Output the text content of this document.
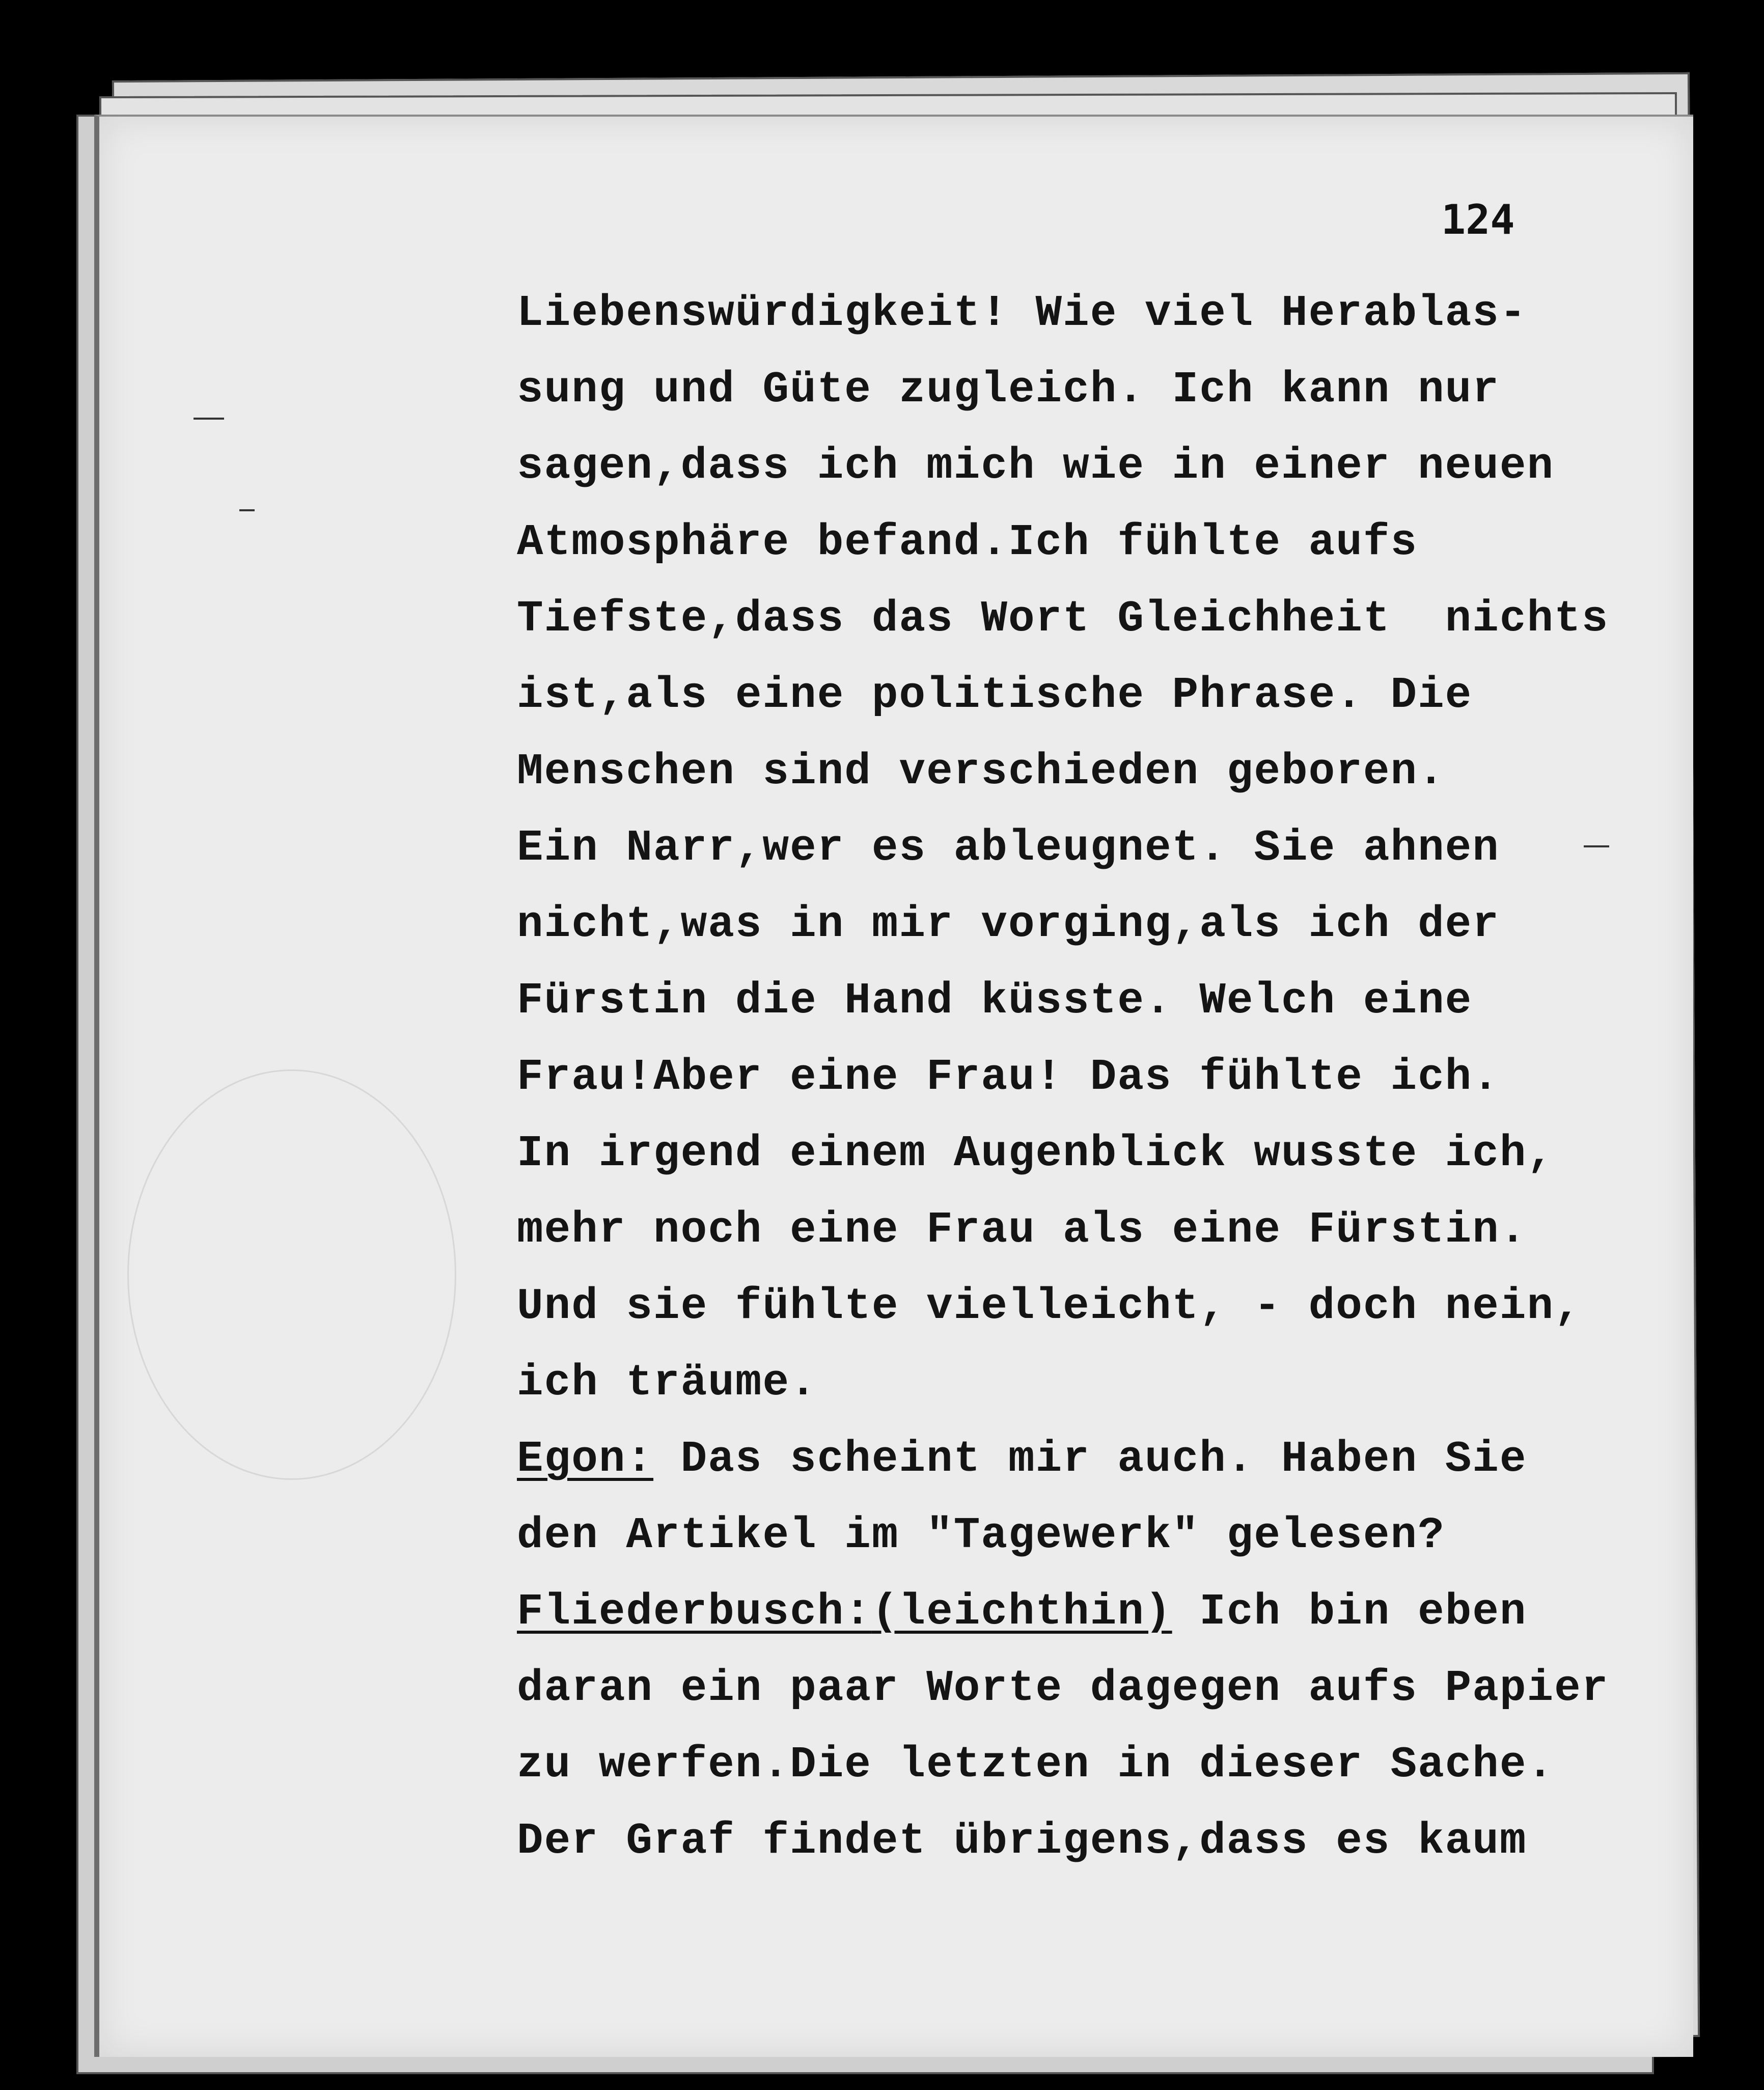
124
Liebenswürdigkeit! Wie viel Herablas-
sung und Güte zugleich. Ich kann nur
sagen,dass ich mich wie in einer neuen
Atmosphäre befand.Ich fühlte aufs
Tiefste,dass das Wort Gleichheit  nichts
ist,als eine politische Phrase. Die
Menschen sind verschieden geboren.
Ein Narr,wer es ableugnet. Sie ahnen
nicht,was in mir vorging,als ich der
Fürstin die Hand küsste. Welch eine
Frau!Aber eine Frau! Das fühlte ich.
In irgend einem Augenblick wusste ich,
mehr noch eine Frau als eine Fürstin.
Und sie fühlte vielleicht, - doch nein,
ich träume.
Egon: Das scheint mir auch. Haben Sie
den Artikel im "Tagewerk" gelesen?
Fliederbusch:(leichthin) Ich bin eben
daran ein paar Worte dagegen aufs Papier
zu werfen.Die letzten in dieser Sache.
Der Graf findet übrigens,dass es kaum
